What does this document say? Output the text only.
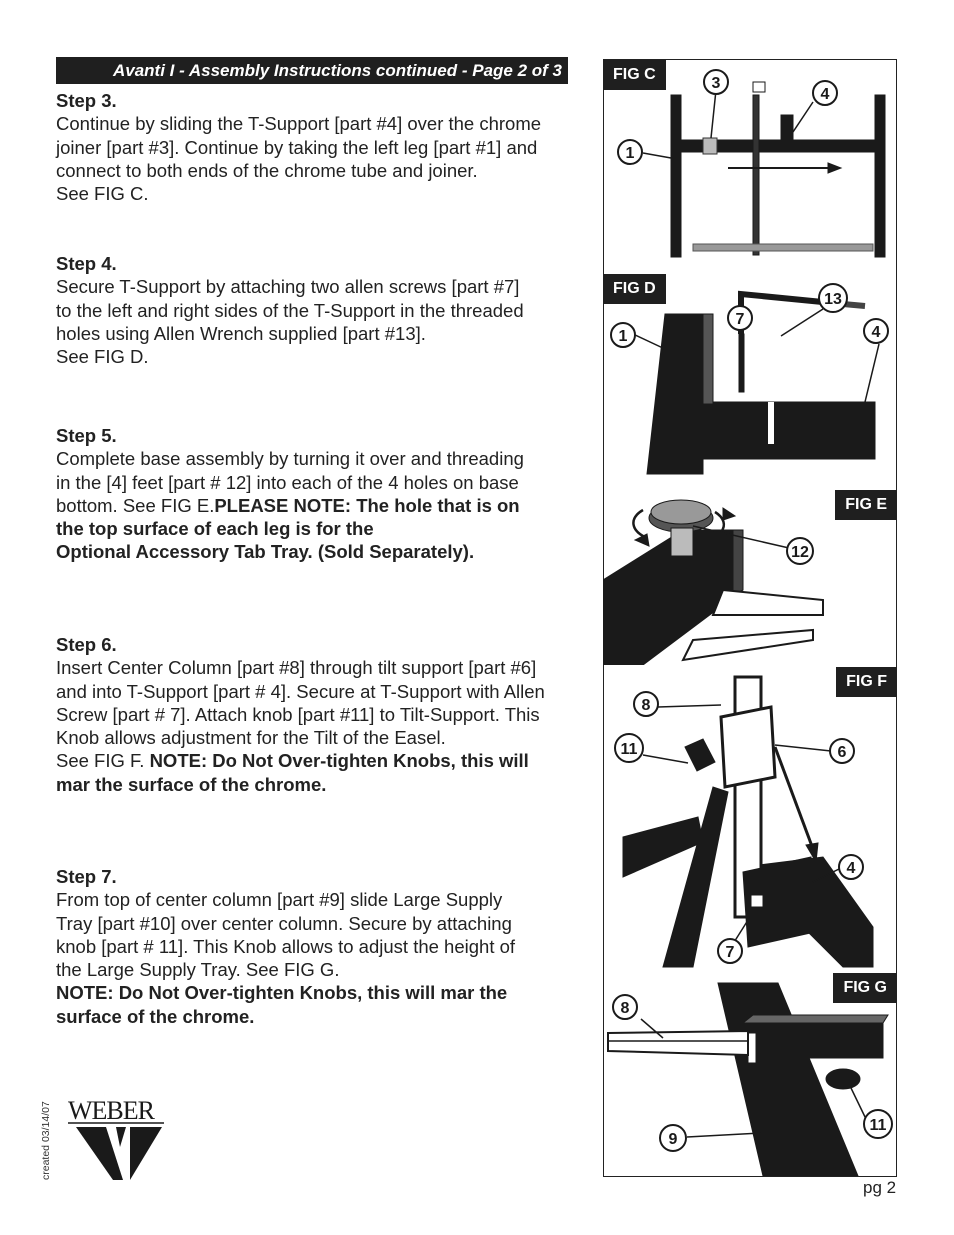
Avanti I - Assembly Instructions continued - Page 2 of 3
Step 3.
Continue by sliding the T-Support [part #4] over the chrome
joiner [part #3]. Continue by taking the left leg [part #1] and
connect to both ends of the chrome tube and joiner.
See FIG C.
Step 4.
Secure T-Support by attaching two allen screws [part #7]
to the left and right sides of the T-Support in the threaded
holes using Allen Wrench supplied [part #13].
See FIG D.
Step 5.
Complete base assembly by turning it over and threading
in the [4] feet [part # 12] into each of the 4 holes on base
bottom. See FIG E.PLEASE NOTE: The hole that is on
the top surface of each leg is for the
Optional Accessory Tab Tray. (Sold Separately).
Step 6.
Insert Center Column [part #8] through tilt support [part #6]
and into T-Support [part # 4]. Secure at T-Support with Allen
Screw [part # 7]. Attach knob [part #11] to Tilt-Support. This
Knob allows adjustment for the Tilt of the Easel.
See FIG F. NOTE: Do Not Over-tighten Knobs, this will
mar the surface of the chrome.
Step 7.
From top of center column [part #9] slide Large Supply
Tray [part #10] over center column. Secure by attaching
knob [part # 11]. This Knob allows to adjust the height of
the Large Supply Tray. See FIG G.
NOTE: Do Not Over-tighten Knobs, this will mar the
surface of the chrome.
FIG C
3
4
1
FIG D
13
7
4
1
FIG E
12
FIG F
8
11	6
4
7
FIG G
8
11
9
pg 2
created 03/14/07 WEBER
